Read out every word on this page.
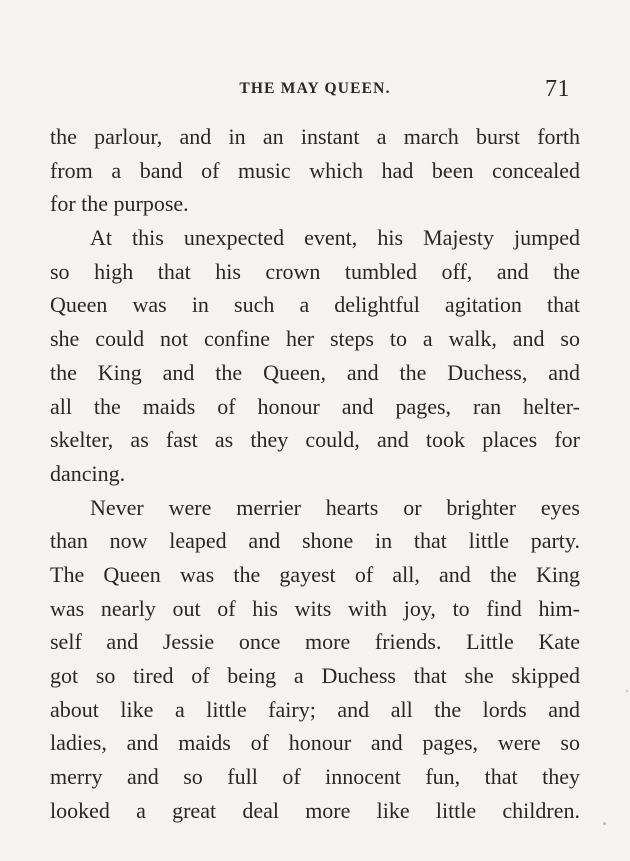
THE MAY QUEEN.	71
the parlour, and in an instant a march burst forth
from a band of music which had been concealed
for the purpose.
At this unexpected event, his Majesty jumped
so high that his crown tumbled off, and the
Queen was in such a delightful agitation that
she could not confine her steps to a walk, and so
the King and the Queen, and the Duchess, and
all the maids of honour and pages, ran helter-
skelter, as fast as they could, and took places for
dancing.
Never were merrier hearts or brighter eyes
than now leaped and shone in that little party.
The Queen was the gayest of all, and the King
was nearly out of his wits with joy, to find him-
self and Jessie once more friends. Little Kate
got so tired of being a Duchess that she skipped
about like a little fairy; and all the lords and
ladies, and maids of honour and pages, were so
merry and so full of innocent fun, that they
looked a great deal more like little children.
